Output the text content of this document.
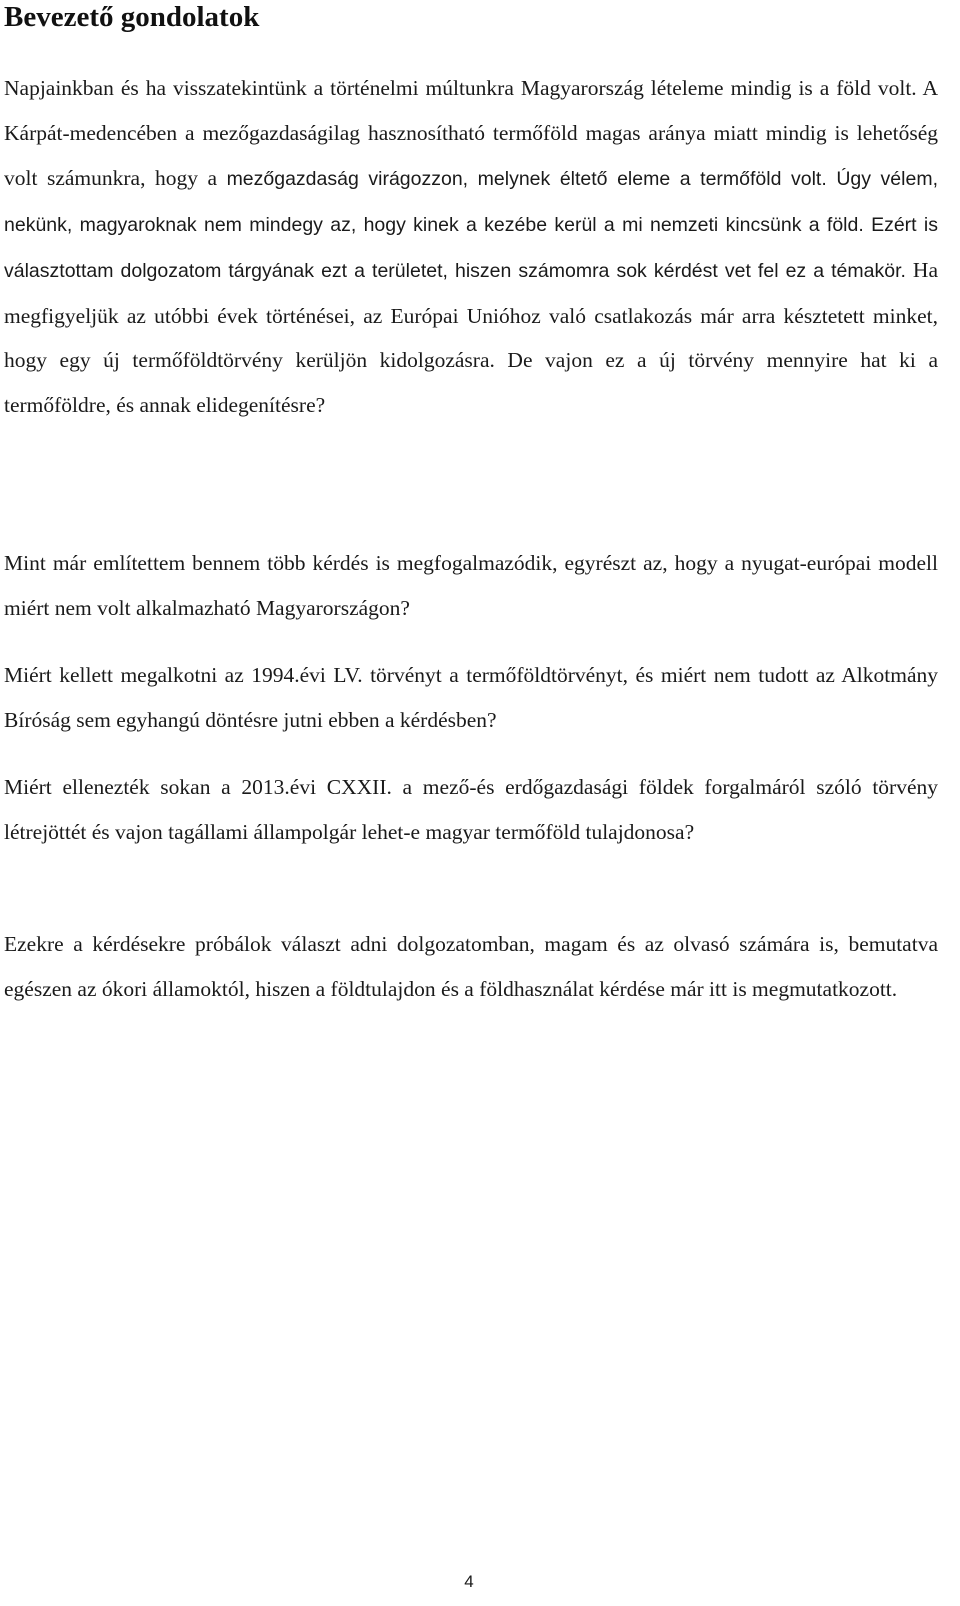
Bevezető gondolatok

Napjainkban és ha visszatekintünk a történelmi múltunkra Magyarország lételeme mindig is a föld volt. A Kárpát-medencében a mezőgazdaságilag hasznosítható termőföld magas aránya miatt mindig is lehetőség volt számunkra, hogy a mezőgazdaság virágozzon, melynek éltető eleme a termőföld volt. Úgy vélem, nekünk, magyaroknak nem mindegy az, hogy kinek a kezébe kerül a mi nemzeti kincsünk a föld. Ezért is választottam dolgozatom tárgyának ezt a területet, hiszen számomra sok kérdést vet fel ez a témakör. Ha megfigyeljük az utóbbi évek történései, az Európai Unióhoz való csatlakozás már arra késztetett minket, hogy egy új termőföldtörvény kerüljön kidolgozásra. De vajon ez a új törvény mennyire hat ki a termőföldre, és annak elidegenítésre?

Mint már említettem bennem több kérdés is megfogalmazódik, egyrészt az, hogy a nyugat-európai modell miért nem volt alkalmazható Magyarországon?

Miért kellett megalkotni az 1994.évi LV. törvényt a termőföldtörvényt, és miért nem tudott az Alkotmány Bíróság sem egyhangú döntésre jutni ebben a kérdésben?

Miért ellenezték sokan a 2013.évi CXXII. a mező-és erdőgazdasági földek forgalmáról szóló törvény létrejöttét és vajon tagállami állampolgár lehet-e magyar termőföld tulajdonosa?

Ezekre a kérdésekre próbálok választ adni dolgozatomban, magam és az olvasó számára is, bemutatva egészen az ókori államoktól, hiszen a földtulajdon és a földhasználat kérdése már itt is megmutatkozott.

4
